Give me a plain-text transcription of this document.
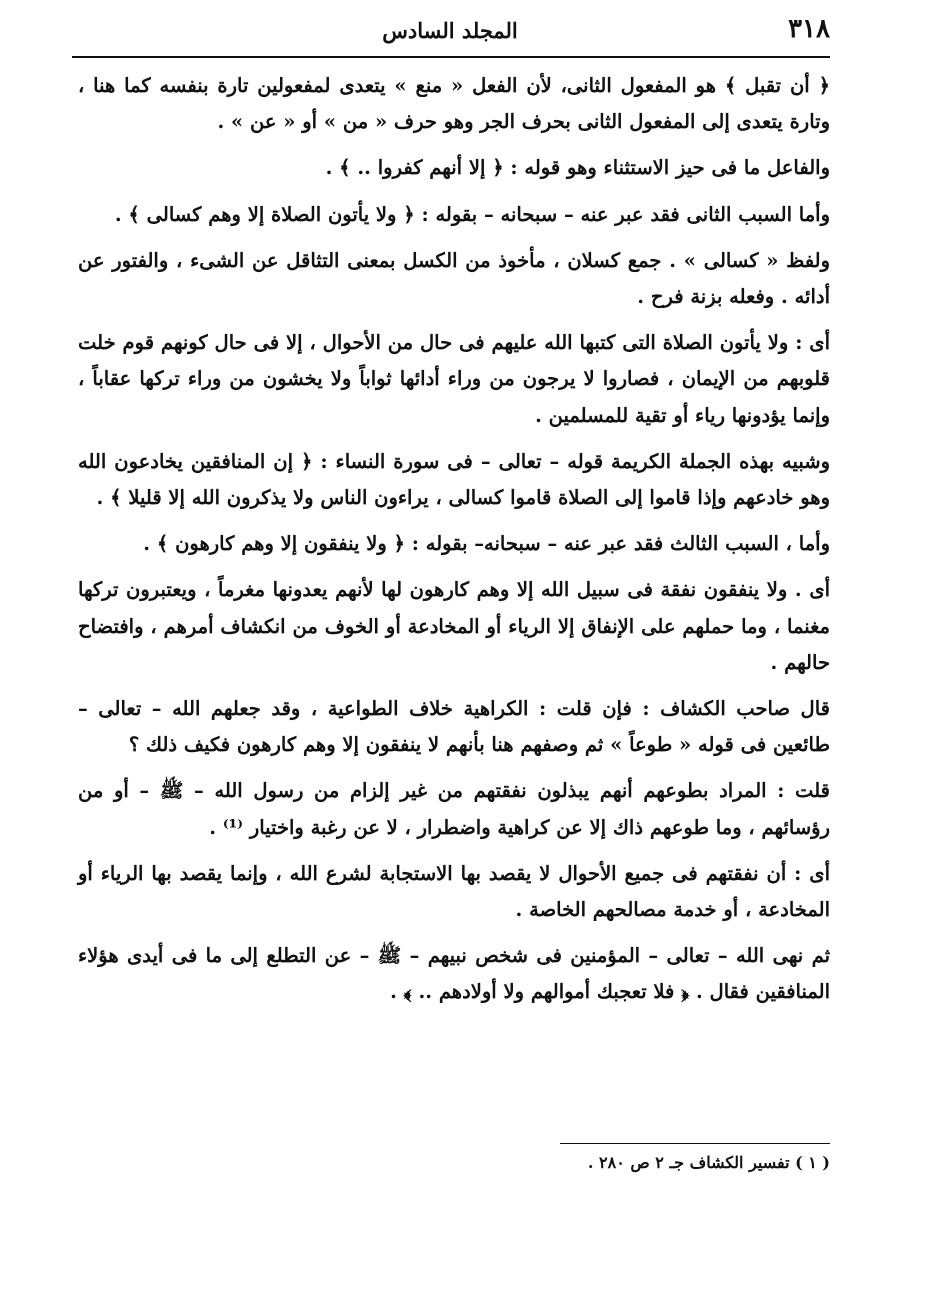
٣١٨
المجلد السادس

﴿ أن تقبل ﴾ هو المفعول الثانى، لأن الفعل « منع » يتعدى لمفعولين تارة بنفسه كما هنا ، وتارة يتعدى إلى المفعول الثانى بحرف الجر وهو حرف « من » أو « عن » .

والفاعل ما فى حيز الاستثناء وهو قوله : ﴿ إلا أنهم كفروا .. ﴾ .

وأما السبب الثانى فقد عبر عنه – سبحانه – بقوله : ﴿ ولا يأتون الصلاة إلا وهم كسالى ﴾ .

ولفظ « كسالى » . جمع كسلان ، مأخوذ من الكسل بمعنى التثاقل عن الشىء ، والفتور عن أدائه . وفعله بزنة فرح .

أى : ولا يأتون الصلاة التى كتبها الله عليهم فى حال من الأحوال ، إلا فى حال كونهم قوم خلت قلوبهم من الإيمان ، فصاروا لا يرجون من وراء أدائها ثواباً ولا يخشون من وراء تركها عقاباً ، وإنما يؤدونها رياء أو تقية للمسلمين .

وشبيه بهذه الجملة الكريمة قوله – تعالى – فى سورة النساء : ﴿ إن المنافقين يخادعون الله وهو خادعهم وإذا قاموا إلى الصلاة قاموا كسالى ، يراءون الناس ولا يذكرون الله إلا قليلا ﴾ .

وأما ، السبب الثالث فقد عبر عنه – سبحانه– بقوله : ﴿ ولا ينفقون إلا وهم كارهون ﴾ .

أى . ولا ينفقون نفقة فى سبيل الله إلا وهم كارهون لها لأنهم يعدونها مغرماً ، ويعتبرون تركها مغنما ، وما حملهم على الإنفاق إلا الرياء أو المخادعة أو الخوف من انكشاف أمرهم ، وافتضاح حالهم .

قال صاحب الكشاف : فإن قلت : الكراهية خلاف الطواعية ، وقد جعلهم الله – تعالى – طائعين فى قوله « طوعاً » ثم وصفهم هنا بأنهم لا ينفقون إلا وهم كارهون فكيف ذلك ؟

قلت : المراد بطوعهم أنهم يبذلون نفقتهم من غير إلزام من رسول الله – ﷺ – أو من رؤسائهم ، وما طوعهم ذاك إلا عن كراهية واضطرار ، لا عن رغبة واختيار ⁽¹⁾ .

أى : أن نفقتهم فى جميع الأحوال لا يقصد بها الاستجابة لشرع الله ، وإنما يقصد بها الرياء أو المخادعة ، أو خدمة مصالحهم الخاصة .

ثم نهى الله – تعالى – المؤمنين فى شخص نبيهم – ﷺ – عن التطلع إلى ما فى أيدى هؤلاء المنافقين فقال . ﴿ فلا تعجبك أموالهم ولا أولادهم .. ﴾ .

( ١ ) تفسير الكشاف جـ ٢ ص ٢٨٠ .
